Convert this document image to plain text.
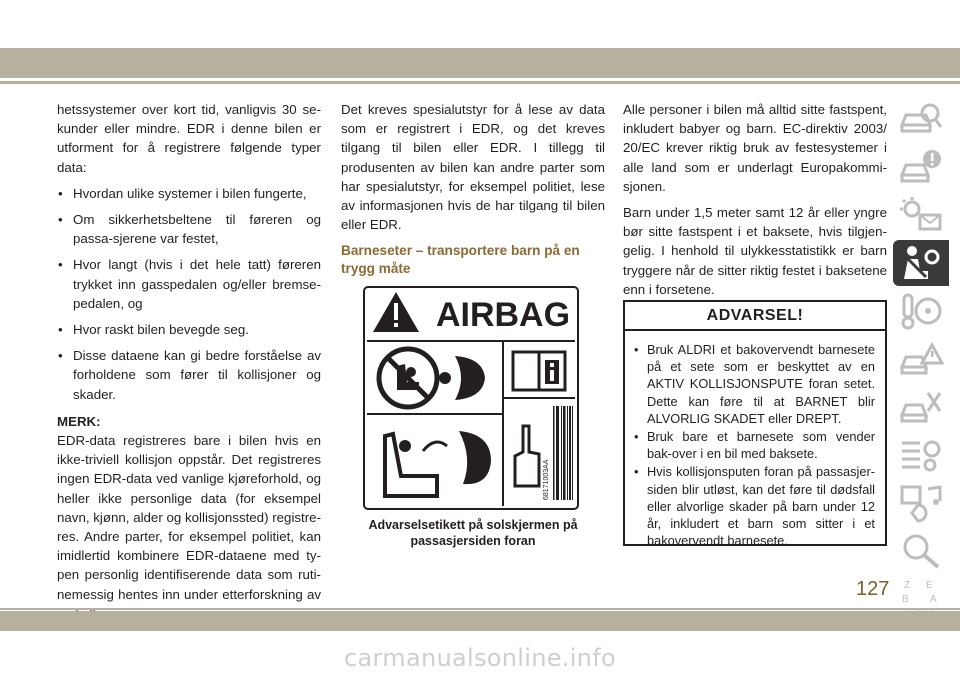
hetssystemer over kort tid, vanligvis 30 se-kunder eller mindre. EDR i denne bilen er utforment for å registrere følgende typer data:

• Hvordan ulike systemer i bilen fungerte,
• Om sikkerhetsbeltene til føreren og passa-sjerene var festet,
• Hvor langt (hvis i det hele tatt) føreren trykket inn gasspedalen og/eller bremse-pedalen, og
• Hvor raskt bilen bevegde seg.
• Disse dataene kan gi bedre forståelse av forholdene som fører til kollisjoner og skader.
MERK:

EDR-data registreres bare i bilen hvis en ikke-triviell kollisjon oppstår. Det registreres ingen EDR-data ved vanlige kjøreforhold, og heller ikke personlige data (for eksempel navn, kjønn, alder og kollisjonssted) registre-res. Andre parter, for eksempel politiet, kan imidlertid kombinere EDR-dataene med ty-pen personlig identifiserende data som ruti-nemessig hentes inn under etterforskning av

Det kreves spesialutstyr for å lese av data som er registrert i EDR, og det kreves tilgang til bilen eller EDR. I tillegg til produsenten av bilen kan andre parter som har spesialutstyr, for eksempel politiet, lese av informasjonen hvis de har tilgang til bilen eller EDR.

Barneseter – transportere barn på en trygg måte
AIRBAG
68171003AA
Advarselsetikett på solskjermen på passasjersiden foran

Alle personer i bilen må alltid sitte fastspent, inkludert babyer og barn. EC-direktiv 2003/ 20/EC krever riktig bruk av festesystemer i alle land som er underlagt Europakommi-sjonen.

Barn under 1,5 meter samt 12 år eller yngre bør sitte fastspent i et baksete, hvis tilgjen-gelig. I henhold til ulykkesstatistikk er barn tryggere når de sitter riktig festet i baksetene enn i forsetene.

ADVARSEL!
• Bruk ALDRI et bakovervendt barnesete på et sete som er beskyttet av en AKTIV KOLLISJONSPUTE foran setet. Dette kan føre til at BARNET blir ALVORLIG SKADET eller DREPT.
• Bruk bare et barnesete som vender bak-over i en bil med baksete.
• Hvis kollisjonsputen foran på passasjer-siden blir utløst, kan det føre til dødsfall eller alvorlige skader på barn under 12 år, inkludert et barn som sitter i et bakovervendt barnesete.
Z E
B A
127
carmanualsonline.info
